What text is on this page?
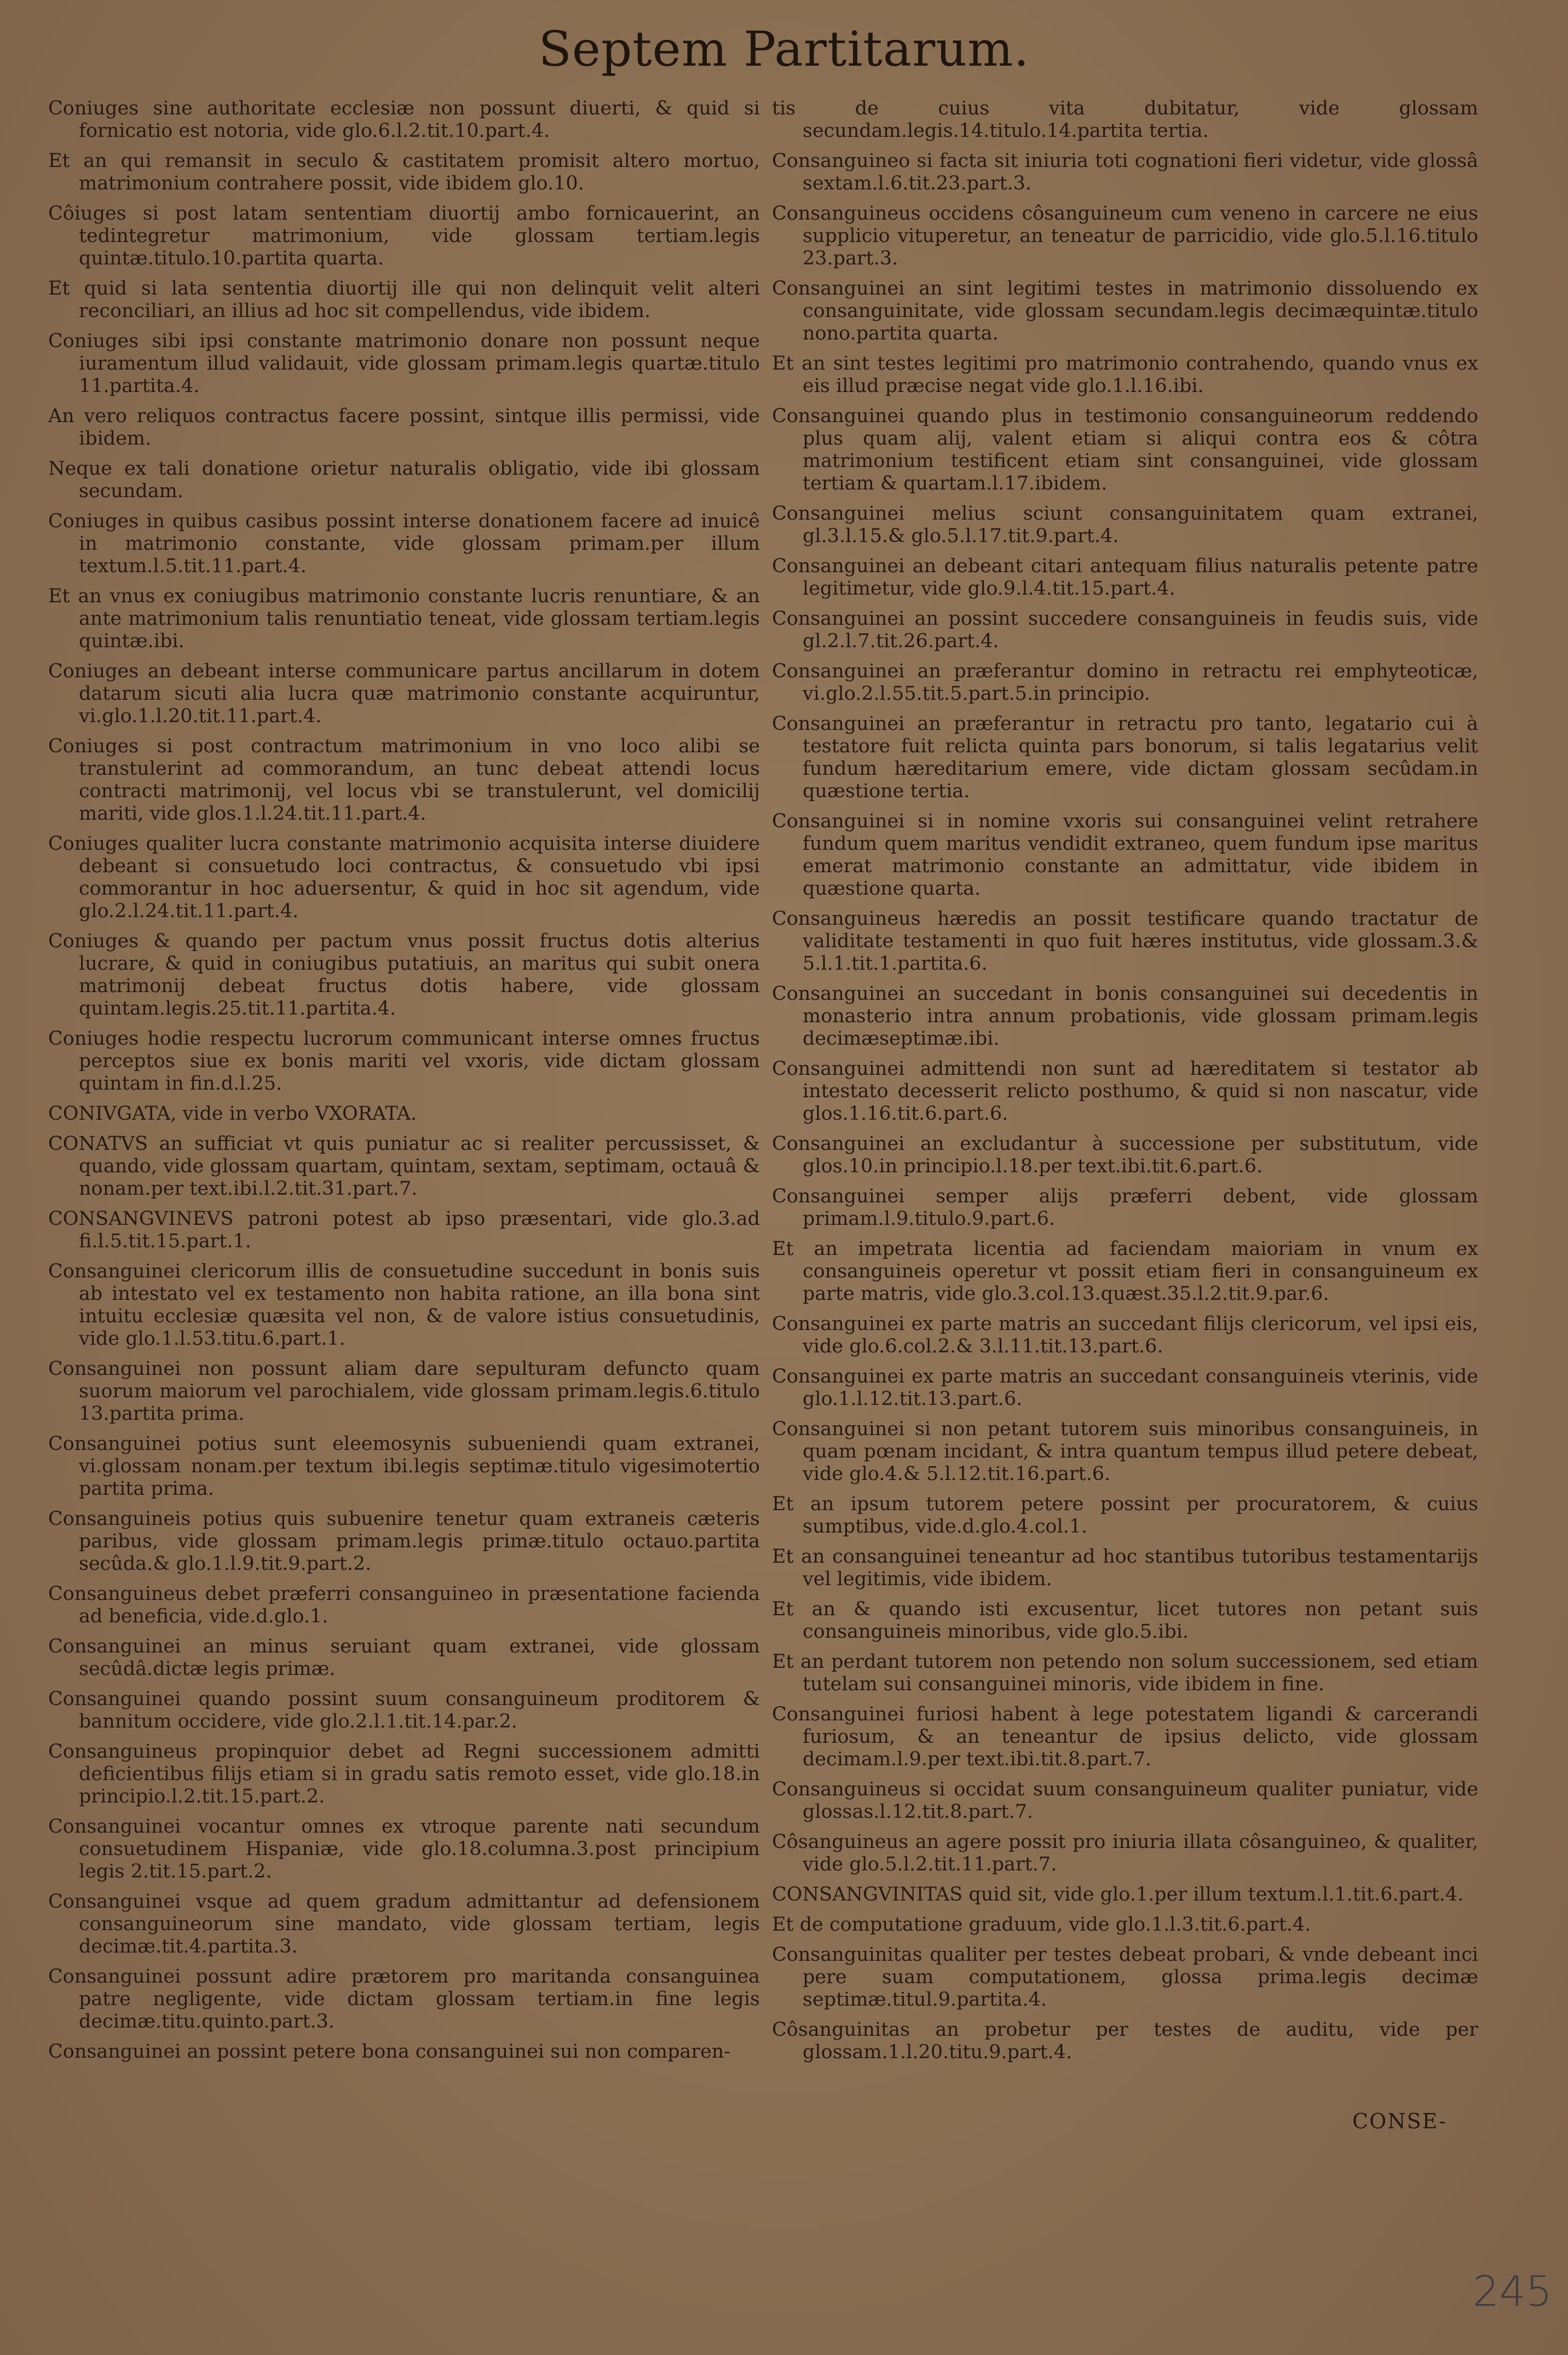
Septem Partitarum.

Coniuges sine authoritate ecclesiæ non possunt diuerti, & quid si fornicatio est notoria, vide glo.6.l.2.tit.10.part.4.

Et an qui remansit in seculo & castitatem promisit altero mortuo, matrimonium contrahere possit, vide ibidem glo.10.

Côiuges si post latam sententiam diuortij ambo fornicauerint, an tedintegretur matrimonium, vide glossam tertiam.legis quintæ.titulo.10.partita quarta.

Et quid si lata sententia diuortij ille qui non delinquit velit alteri reconciliari, an illius ad hoc sit compellendus, vide ibidem.

Coniuges sibi ipsi constante matrimonio donare non possunt neque iuramentum illud validauit, vide glossam primam.legis quartæ.titulo 11.partita.4.

An vero reliquos contractus facere possint, sintque illis permissi, vide ibidem.

Neque ex tali donatione orietur naturalis obligatio, vide ibi glossam secundam.

Coniuges in quibus casibus possint interse donationem facere ad inuicê in matrimonio constante, vide glossam primam.per illum textum.l.5.tit.11.part.4.

Et an vnus ex coniugibus matrimonio constante lucris renuntiare, & an ante matrimonium talis renuntiatio teneat, vide glossam tertiam.legis quintæ.ibi.

Coniuges an debeant interse communicare partus ancillarum in dotem datarum sicuti alia lucra quæ matrimonio constante acquiruntur, vi.glo.1.l.20.tit.11.part.4.

Coniuges si post contractum matrimonium in vno loco alibi se transtulerint ad commorandum, an tunc debeat attendi locus contracti matrimonij, vel locus vbi se transtulerunt, vel domicilij mariti, vide glos.1.l.24.tit.11.part.4.

Coniuges qualiter lucra constante matrimonio acquisita interse diuidere debeant si consuetudo loci contractus, & consuetudo vbi ipsi commorantur in hoc aduersentur, & quid in hoc sit agendum, vide glo.2.l.24.tit.11.part.4.

Coniuges & quando per pactum vnus possit fructus dotis alterius lucrare, & quid in coniugibus putatiuis, an maritus qui subit onera matrimonij debeat fructus dotis habere, vide glossam quintam.legis.25.tit.11.partita.4.

Coniuges hodie respectu lucrorum communicant interse omnes fructus perceptos siue ex bonis mariti vel vxoris, vide dictam glossam quintam in fin.d.l.25.

CONIVGATA, vide in verbo VXORATA.

CONATVS an sufficiat vt quis puniatur ac si realiter percussisset, & quando, vide glossam quartam, quintam, sextam, septimam, octauâ & nonam.per text.ibi.l.2.tit.31.part.7.

CONSANGVINEVS patroni potest ab ipso præsentari, vide glo.3.ad fi.l.5.tit.15.part.1.

Consanguinei clericorum illis de consuetudine succedunt in bonis suis ab intestato vel ex testamento non habita ratione, an illa bona sint intuitu ecclesiæ quæsita vel non, & de valore istius consuetudinis, vide glo.1.l.53.titu.6.part.1.

Consanguinei non possunt aliam dare sepulturam defuncto quam suorum maiorum vel parochialem, vide glossam primam.legis.6.titulo 13.partita prima.

Consanguinei potius sunt eleemosynis subueniendi quam extranei, vi.glossam nonam.per textum ibi.legis septimæ.titulo vigesimotertio partita prima.

Consanguineis potius quis subuenire tenetur quam extraneis cæteris paribus, vide glossam primam.legis primæ.titulo octauo.partita secûda.& glo.1.l.9.tit.9.part.2.

Consanguineus debet præferri consanguineo in præsentatione facienda ad beneficia, vide.d.glo.1.

Consanguinei an minus seruiant quam extranei, vide glossam secûdâ.dictæ legis primæ.

Consanguinei quando possint suum consanguineum proditorem & bannitum occidere, vide glo.2.l.1.tit.14.par.2.

Consanguineus propinquior debet ad Regni successionem admitti deficientibus filijs etiam si in gradu satis remoto esset, vide glo.18.in principio.l.2.tit.15.part.2.

Consanguinei vocantur omnes ex vtroque parente nati secundum consuetudinem Hispaniæ, vide glo.18.columna.3.post principium legis 2.tit.15.part.2.

Consanguinei vsque ad quem gradum admittantur ad defensionem consanguineorum sine mandato, vide glossam tertiam, legis decimæ.tit.4.partita.3.

Consanguinei possunt adire prætorem pro maritanda consanguinea patre negligente, vide dictam glossam tertiam.in fine legis decimæ.titu.quinto.part.3.

Consanguinei an possint petere bona consanguinei sui non comparen-

tis de cuius vita dubitatur, vide glossam secundam.legis.14.titulo.14.partita tertia.

Consanguineo si facta sit iniuria toti cognationi fieri videtur, vide glossâ sextam.l.6.tit.23.part.3.

Consanguineus occidens côsanguineum cum veneno in carcere ne eius supplicio vituperetur, an teneatur de parricidio, vide glo.5.l.16.titulo 23.part.3.

Consanguinei an sint legitimi testes in matrimonio dissoluendo ex consanguinitate, vide glossam secundam.legis decimæquintæ.titulo nono.partita quarta.

Et an sint testes legitimi pro matrimonio contrahendo, quando vnus ex eis illud præcise negat vide glo.1.l.16.ibi.

Consanguinei quando plus in testimonio consanguineorum reddendo plus quam alij, valent etiam si aliqui contra eos & côtra matrimonium testificent etiam sint consanguinei, vide glossam tertiam & quartam.l.17.ibidem.

Consanguinei melius sciunt consanguinitatem quam extranei, gl.3.l.15.& glo.5.l.17.tit.9.part.4.

Consanguinei an debeant citari antequam filius naturalis petente patre legitimetur, vide glo.9.l.4.tit.15.part.4.

Consanguinei an possint succedere consanguineis in feudis suis, vide gl.2.l.7.tit.26.part.4.

Consanguinei an præferantur domino in retractu rei emphyteoticæ, vi.glo.2.l.55.tit.5.part.5.in principio.

Consanguinei an præferantur in retractu pro tanto, legatario cui à testatore fuit relicta quinta pars bonorum, si talis legatarius velit fundum hæreditarium emere, vide dictam glossam secûdam.in quæstione tertia.

Consanguinei si in nomine vxoris sui consanguinei velint retrahere fundum quem maritus vendidit extraneo, quem fundum ipse maritus emerat matrimonio constante an admittatur, vide ibidem in quæstione quarta.

Consanguineus hæredis an possit testificare quando tractatur de validitate testamenti in quo fuit hæres institutus, vide glossam.3.& 5.l.1.tit.1.partita.6.

Consanguinei an succedant in bonis consanguinei sui decedentis in monasterio intra annum probationis, vide glossam primam.legis decimæseptimæ.ibi.

Consanguinei admittendi non sunt ad hæreditatem si testator ab intestato decesserit relicto posthumo, & quid si non nascatur, vide glos.1.16.tit.6.part.6.

Consanguinei an excludantur à successione per substitutum, vide glos.10.in principio.l.18.per text.ibi.tit.6.part.6.

Consanguinei semper alijs præferri debent, vide glossam primam.l.9.titulo.9.part.6.

Et an impetrata licentia ad faciendam maioriam in vnum ex consanguineis operetur vt possit etiam fieri in consanguineum ex parte matris, vide glo.3.col.13.quæst.35.l.2.tit.9.par.6.

Consanguinei ex parte matris an succedant filijs clericorum, vel ipsi eis, vide glo.6.col.2.& 3.l.11.tit.13.part.6.

Consanguinei ex parte matris an succedant consanguineis vterinis, vide glo.1.l.12.tit.13.part.6.

Consanguinei si non petant tutorem suis minoribus consanguineis, in quam pœnam incidant, & intra quantum tempus illud petere debeat, vide glo.4.& 5.l.12.tit.16.part.6.

Et an ipsum tutorem petere possint per procuratorem, & cuius sumptibus, vide.d.glo.4.col.1.

Et an consanguinei teneantur ad hoc stantibus tutoribus testamentarijs vel legitimis, vide ibidem.

Et an & quando isti excusentur, licet tutores non petant suis consanguineis minoribus, vide glo.5.ibi.

Et an perdant tutorem non petendo non solum successionem, sed etiam tutelam sui consanguinei minoris, vide ibidem in fine.

Consanguinei furiosi habent à lege potestatem ligandi & carcerandi furiosum, & an teneantur de ipsius delicto, vide glossam decimam.l.9.per text.ibi.tit.8.part.7.

Consanguineus si occidat suum consanguineum qualiter puniatur, vide glossas.l.12.tit.8.part.7.

Côsanguineus an agere possit pro iniuria illata côsanguineo, & qualiter, vide glo.5.l.2.tit.11.part.7.

CONSANGVINITAS quid sit, vide glo.1.per illum textum.l.1.tit.6.part.4.

Et de computatione graduum, vide glo.1.l.3.tit.6.part.4.

Consanguinitas qualiter per testes debeat probari, & vnde debeant inci pere suam computationem, glossa prima.legis decimæ septimæ.titul.9.partita.4.

Côsanguinitas an probetur per testes de auditu, vide per glossam.1.l.20.titu.9.part.4.

CONSE-

245
